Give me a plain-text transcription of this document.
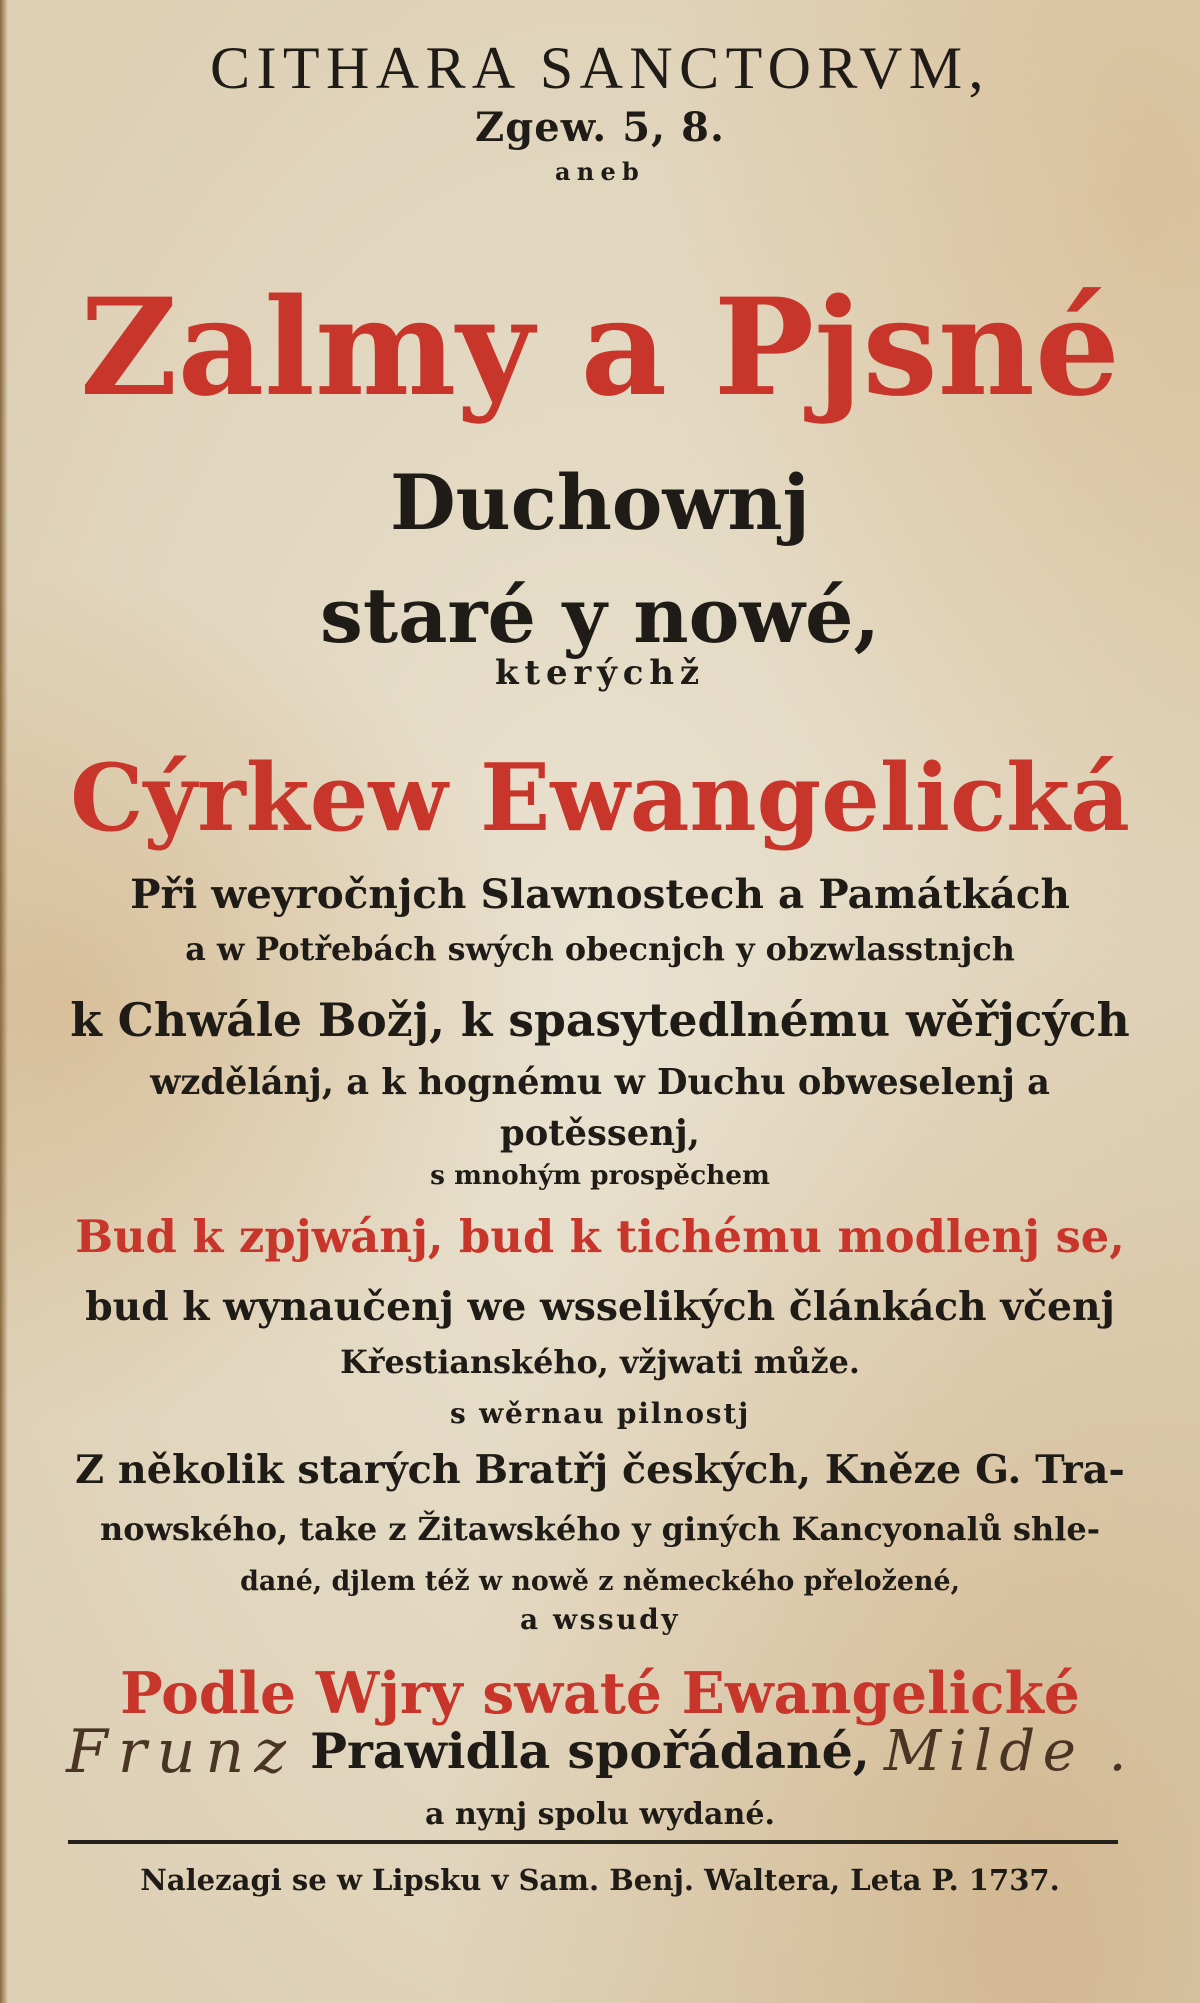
CITHARA SANCTORVM,
Zgew. 5, 8.
aneb
Zalmy a Pjsné
Duchownj
staré y nowé,
kterýchž
Cýrkew Ewangelická
Při weyročnjch Slawnostech a Památkách
a w Potřebách swých obecnjch y obzwlasstnjch
k Chwále Božj, k spasytedlnému wěřjcých
wzdělánj, a k hognému w Duchu obweselenj a
potěssenj,
s mnohým prospěchem
Bud k zpjwánj, bud k tichému modlenj se,
bud k wynaučenj we wsselikých článkách včenj
Křestianského, vžjwati může.
s wěrnau pilnostj
Z několik starých Bratřj českých, Kněze G. Tra-
nowského, take z Žitawského y giných Kancyonalů shle-
dané, djlem též w nowě z německého přeložené,
a wssudy
Podle Wjry swaté Ewangelické
Frunz Prawidla spořádané, Milde .
a nynj spolu wydané.
Nalezagi se w Lipsku v Sam. Benj. Waltera, Leta P. 1737.
